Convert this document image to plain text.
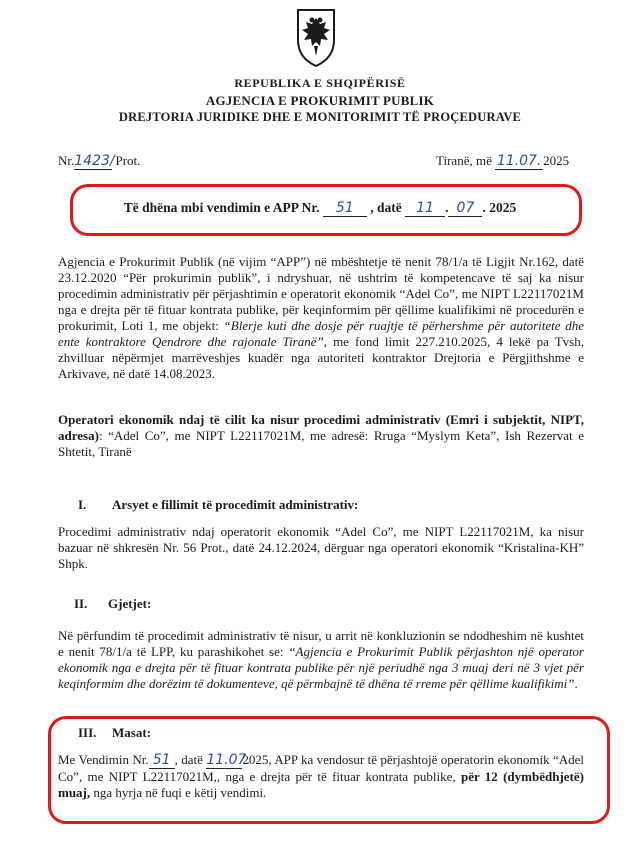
REPUBLIKA E SHQIPËRISË
AGJENCIA E PROKURIMIT PUBLIK
DREJTORIA JURIDIKE DHE E MONITORIMIT TË PROÇEDURAVE
Nr.1423/ Prot.	Tiranë, më 11.07. 2025
Të dhëna mbi vendimin e APP Nr. 51 , datë 11 . 07 . 2025
Agjencia e Prokurimit Publik (në vijim “APP”) në mbështetje të nenit 78/1/a të Ligjit Nr.162, datë 23.12.2020 “Për prokurimin publik”, i ndryshuar, në ushtrim të kompetencave të saj ka nisur procedimin administrativ për përjashtimin e operatorit ekonomik “Adel Co”, me NIPT L22117021M nga e drejta për të fituar kontrata publike, për keqinformim për qëllime kualifikimi në procedurën e prokurimit, Loti 1, me objekt: “Blerje kuti dhe dosje për ruajtje të përhershme për autoritete dhe ente kontraktore Qendrore dhe rajonale Tiranë”, me fond limit 227.210.2025, 4 lekë pa Tvsh, zhvilluar nëpërmjet marrëveshjes kuadër nga autoriteti kontraktor Drejtoria e Përgjithshme e Arkivave, në datë 14.08.2023.
Operatori ekonomik ndaj të cilit ka nisur procedimi administrativ (Emri i subjektit, NIPT, adresa): “Adel Co”, me NIPT L22117021M, me adresë: Rruga “Myslym Keta”, Ish Rezervat e Shtetit, Tiranë
I. Arsyet e fillimit të procedimit administrativ:
Procedimi administrativ ndaj operatorit ekonomik “Adel Co”, me NIPT L22117021M, ka nisur bazuar në shkresën Nr. 56 Prot., datë 24.12.2024, dërguar nga operatori ekonomik “Kristalina-KH” Shpk.
II. Gjetjet:
Në përfundim të procedimit administrativ të nisur, u arrit në konkluzionin se ndodheshim në kushtet e nenit 78/1/a të LPP, ku parashikohet se: “Agjencia e Prokurimit Publik përjashton një operator ekonomik nga e drejta për të fituar kontrata publike për një periudhë nga 3 muaj deri në 3 vjet për keqinformim dhe dorëzim të dokumenteve, që përmbajnë të dhëna të rreme për qëllime kualifikimi”.
III. Masat:
Me Vendimin Nr. 51 , datë 11.07.2025, APP ka vendosur të përjashtojë operatorin ekonomik “Adel Co”, me NIPT L22117021M,, nga e drejta për të fituar kontrata publike, për 12 (dymbëdhjetë) muaj, nga hyrja në fuqi e këtij vendimi.
